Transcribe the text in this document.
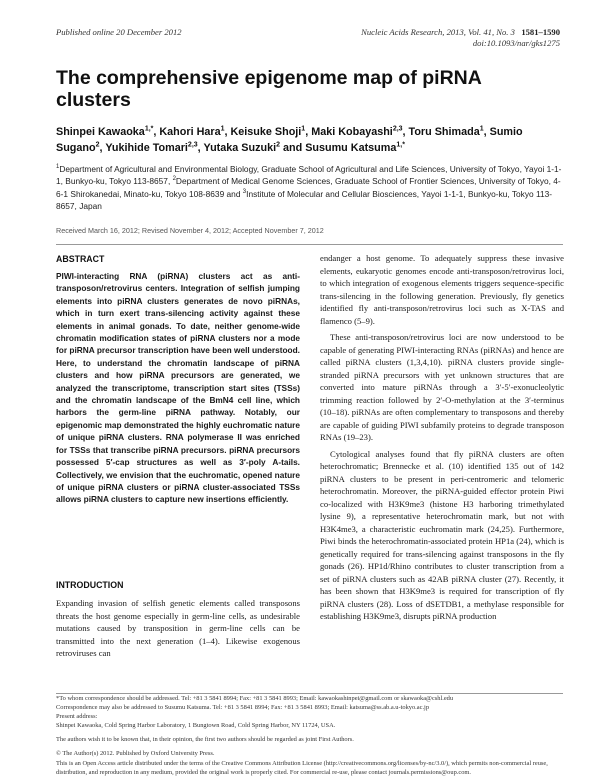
Published online 20 December 2012	Nucleic Acids Research, 2013, Vol. 41, No. 3 1581–1590
doi:10.1093/nar/gks1275
The comprehensive epigenome map of piRNA clusters

Shinpei Kawaoka$^{1,*}$, Kahori Hara$^1$, Keisuke Shoji$^1$, Maki Kobayashi$^{2,3}$, Toru Shimada$^1$, Sumio Sugano$^2$, Yukihide Tomari$^{2,3}$, Yutaka Suzuki$^2$ and Susumu Katsuma$^{1,*}$

$^1$Department of Agricultural and Environmental Biology, Graduate School of Agricultural and Life Sciences, University of Tokyo, Yayoi 1-1-1, Bunkyo-ku, Tokyo 113-8657, $^2$Department of Medical Genome Sciences, Graduate School of Frontier Sciences, University of Tokyo, 4-6-1 Shirokanedai, Minato-ku, Tokyo 108-8639 and $^3$Institute of Molecular and Cellular Biosciences, Yayoi 1-1-1, Bunkyo-ku, Tokyo 113-8657, Japan

Received March 16, 2012; Revised November 4, 2012; Accepted November 7, 2012
ABSTRACT

PIWI-interacting RNA (piRNA) clusters act as anti-transposon/retrovirus centers. Integration of selfish jumping elements into piRNA clusters generates de novo piRNAs, which in turn exert trans-silencing activity against these elements in animal gonads. To date, neither genome-wide chromatin modification states of piRNA clusters nor a mode for piRNA precursor transcription have been well understood. Here, to understand the chromatin landscape of piRNA clusters and how piRNA precursors are generated, we analyzed the transcriptome, transcription start sites (TSSs) and the chromatin landscape of the BmN4 cell line, which harbors the germ-line piRNA pathway. Notably, our epigenomic map demonstrated the highly euchromatic nature of unique piRNA clusters. RNA polymerase II was enriched for TSSs that transcribe piRNA precursors. piRNA precursors possessed 5′-cap structures as well as 3′-poly A-tails. Collectively, we envision that the euchromatic, opened nature of unique piRNA clusters or piRNA cluster-associated TSSs allows piRNA clusters to capture new insertions efficiently.

INTRODUCTION

Expanding invasion of selfish genetic elements called transposons threats the host genome especially in germ-line cells, as undesirable mutations caused by transposition in germ-line cells can be transmitted into the next generation (1–4). Likewise exogenous retroviruses can

endanger a host genome. To adequately suppress these invasive elements, eukaryotic genomes encode anti-transposon/retrovirus loci, to which integration of exogenous elements triggers sequence-specific trans-silencing in the following generation. Previously, fly genetics identified fly anti-transposon/retrovirus loci such as X-TAS and flamenco (5–9).

These anti-transposon/retrovirus loci are now understood to be capable of generating PIWI-interacting RNAs (piRNAs) and hence are called piRNA clusters (1,3,4,10). piRNA clusters provide single-stranded piRNA precursors with yet unknown structures that are converted into mature piRNAs through a 3′-5′-exonucleolytic trimming reaction followed by 2′-O-methylation at the 3′-terminus (10–18). piRNAs are often complementary to transposons and thereby are capable of guiding PIWI subfamily proteins to degrade transposon RNAs (19–23).

Cytological analyses found that fly piRNA clusters are often heterochromatic; Brennecke et al. (10) identified 135 out of 142 piRNA clusters to be present in peri-centromeric and telomeric heterochromatin. Moreover, the piRNA-guided effector protein Piwi co-localized with H3K9me3 (histone H3 harboring trimethylated lysine 9), a representative heterochromatin mark, but not with H3K4me3, a characteristic euchromatin mark (24,25). Furthermore, Piwi binds the heterochromatin-associated protein HP1a (24), which is genetically required for trans-silencing against transposons in the fly gonads (26). HP1d/Rhino contributes to cluster transcription from a set of piRNA clusters such as 42AB piRNA cluster (27). Recently, it has been shown that H3K9me3 is required for transcription of fly piRNA clusters (28). Loss of dSETDB1, a methylase responsible for establishing H3K9me3, disrupts piRNA production

*To whom correspondence should be addressed. Tel: +81 3 5841 8994; Fax: +81 3 5841 8993; Email: kawaokashinpei@gmail.com or skawaoka@cshl.edu

Correspondence may also be addressed to Susumu Katsuma. Tel: +81 3 5841 8994; Fax: +81 3 5841 8993; Email: katsuma@ss.ab.a.u-tokyo.ac.jp

Present address:

Shinpei Kawaoka, Cold Spring Harbor Laboratory, 1 Bungtown Road, Cold Spring Harbor, NY 11724, USA.

The authors wish it to be known that, in their opinion, the first two authors should be regarded as joint First Authors.

© The Author(s) 2012. Published by Oxford University Press.

This is an Open Access article distributed under the terms of the Creative Commons Attribution License (http://creativecommons.org/licenses/by-nc/3.0/), which permits non-commercial reuse, distribution, and reproduction in any medium, provided the original work is properly cited. For commercial re-use, please contact journals.permissions@oup.com.
